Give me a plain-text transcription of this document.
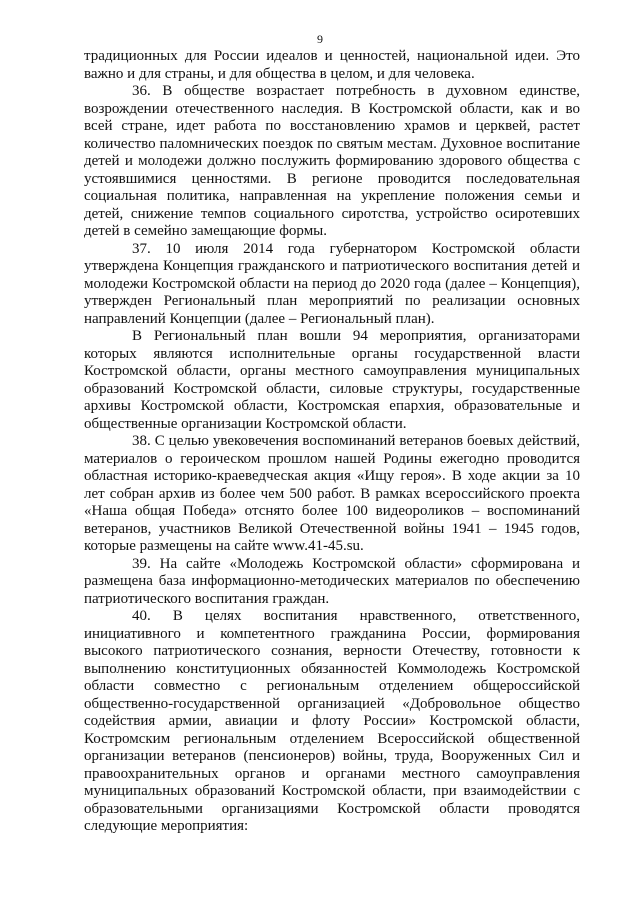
9

традиционных для России идеалов и ценностей, национальной идеи. Это важно и для страны, и для общества в целом, и для человека.

36. В обществе возрастает потребность в духовном единстве, возрождении отечественного наследия. В Костромской области, как и во всей стране, идет работа по восстановлению храмов и церквей, растет количество паломнических поездок по святым местам. Духовное воспитание детей и молодежи должно послужить формированию здорового общества с устоявшимися ценностями. В регионе проводится последовательная социальная политика, направленная на укрепление положения семьи и детей, снижение темпов социального сиротства, устройство осиротевших детей в семейно замещающие формы.

37. 10 июля 2014 года губернатором Костромской области утверждена Концепция гражданского и патриотического воспитания детей и молодежи Костромской области на период до 2020 года (далее – Концепция), утвержден Региональный план мероприятий по реализации основных направлений Концепции (далее – Региональный план).

В Региональный план вошли 94 мероприятия, организаторами которых являются исполнительные органы государственной власти Костромской области, органы местного самоуправления муниципальных образований Костромской области, силовые структуры, государственные архивы Костромской области, Костромская епархия, образовательные и общественные организации Костромской области.

38. С целью увековечения воспоминаний ветеранов боевых действий, материалов о героическом прошлом нашей Родины ежегодно проводится областная историко-краеведческая акция «Ищу героя». В ходе акции за 10 лет собран архив из более чем 500 работ. В рамках всероссийского проекта «Наша общая Победа» отснято более 100 видеороликов – воспоминаний ветеранов, участников Великой Отечественной войны 1941 – 1945 годов, которые размещены на сайте www.41-45.su.

39. На сайте «Молодежь Костромской области» сформирована и размещена база информационно-методических материалов по обеспечению патриотического воспитания граждан.

40. В целях воспитания нравственного, ответственного, инициативного и компетентного гражданина России, формирования высокого патриотического сознания, верности Отечеству, готовности к выполнению конституционных обязанностей Коммолодежь Костромской области совместно с региональным отделением общероссийской общественно-государственной организацией «Добровольное общество содействия армии, авиации и флоту России» Костромской области, Костромским региональным отделением Всероссийской общественной организации ветеранов (пенсионеров) войны, труда, Вооруженных Сил и правоохранительных органов и органами местного самоуправления муниципальных образований Костромской области, при взаимодействии с образовательными организациями Костромской области проводятся следующие мероприятия:
